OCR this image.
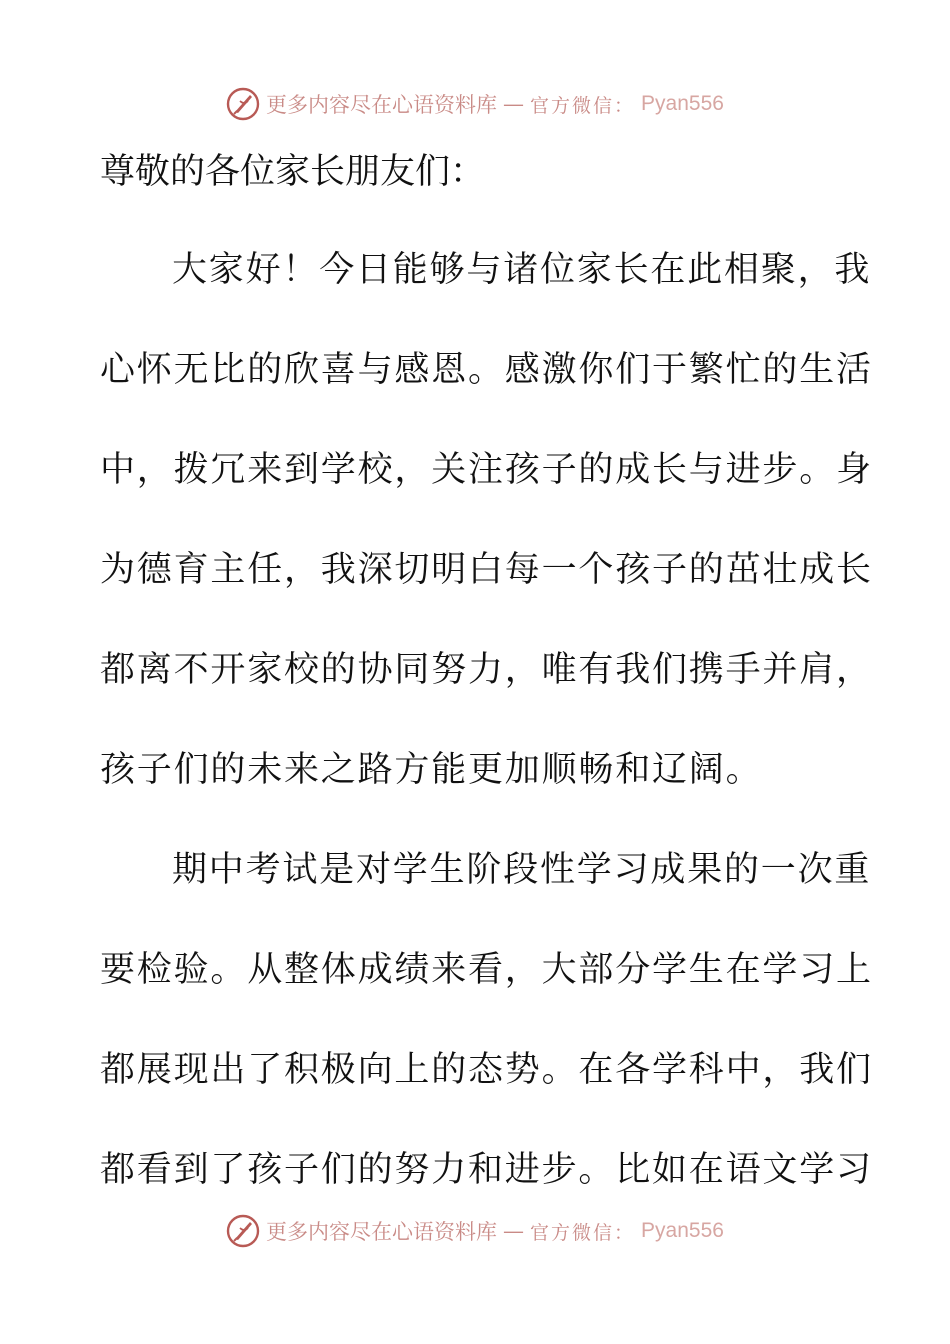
更多内容尽在心语资料库 — 官方微信： Pyan556
尊敬的各位家长朋友们：
大家好！今日能够与诸位家长在此相聚，我
心怀无比的欣喜与感恩。感激你们于繁忙的生活
中，拨冗来到学校，关注孩子的成长与进步。身
为德育主任，我深切明白每一个孩子的茁壮成长
都离不开家校的协同努力，唯有我们携手并肩，
孩子们的未来之路方能更加顺畅和辽阔。
期中考试是对学生阶段性学习成果的一次重
要检验。从整体成绩来看，大部分学生在学习上
都展现出了积极向上的态势。在各学科中，我们
都看到了孩子们的努力和进步。比如在语文学习
更多内容尽在心语资料库 — 官方微信： Pyan556
